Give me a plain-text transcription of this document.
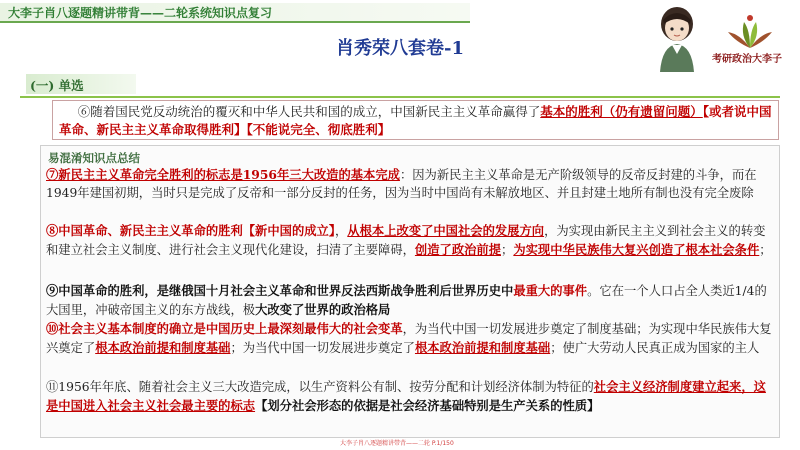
大李子肖八逐题精讲带背——二轮系统知识点复习
肖秀荣八套卷-1
考研政治大李子
(一) 单选
⑥随着国民党反动统治的覆灭和中华人民共和国的成立，中国新民主主义革命赢得了基本的胜利（仍有遗留问题）【或者说中国革命、新民主主义革命取得胜利】【不能说完全、彻底胜利】
易混淆知识点总结
⑦新民主主义革命完全胜利的标志是1956年三大改造的基本完成：因为新民主主义革命是无产阶级领导的反帝反封建的斗争，而在1949年建国初期，当时只是完成了反帝和一部分反封的任务，因为当时中国尚有未解放地区、并且封建土地所有制也没有完全废除
⑧中国革命、新民主主义革命的胜利【新中国的成立】，从根本上改变了中国社会的发展方向，为实现由新民主主义到社会主义的转变和建立社会主义制度、进行社会主义现代化建设，扫清了主要障碍，创造了政治前提；为实现中华民族伟大复兴创造了根本社会条件；
⑨中国革命的胜利，是继俄国十月社会主义革命和世界反法西斯战争胜利后世界历史中最重大的事件。它在一个人口占全人类近1/4的大国里，冲破帝国主义的东方战线，极大改变了世界的政治格局
⑩社会主义基本制度的确立是中国历史上最深刻最伟大的社会变革，为当代中国一切发展进步奠定了制度基础；为实现中华民族伟大复兴奠定了根本政治前提和制度基础；为当代中国一切发展进步奠定了根本政治前提和制度基础；使广大劳动人民真正成为国家的主人
⑪1956年年底、随着社会主义三大改造完成，以生产资料公有制、按劳分配和计划经济体制为特征的社会主义经济制度建立起来，这是中国进入社会主义社会最主要的标志【划分社会形态的依据是社会经济基础特别是生产关系的性质】
大李子肖八逐题精讲带背——二轮 P.1/150
